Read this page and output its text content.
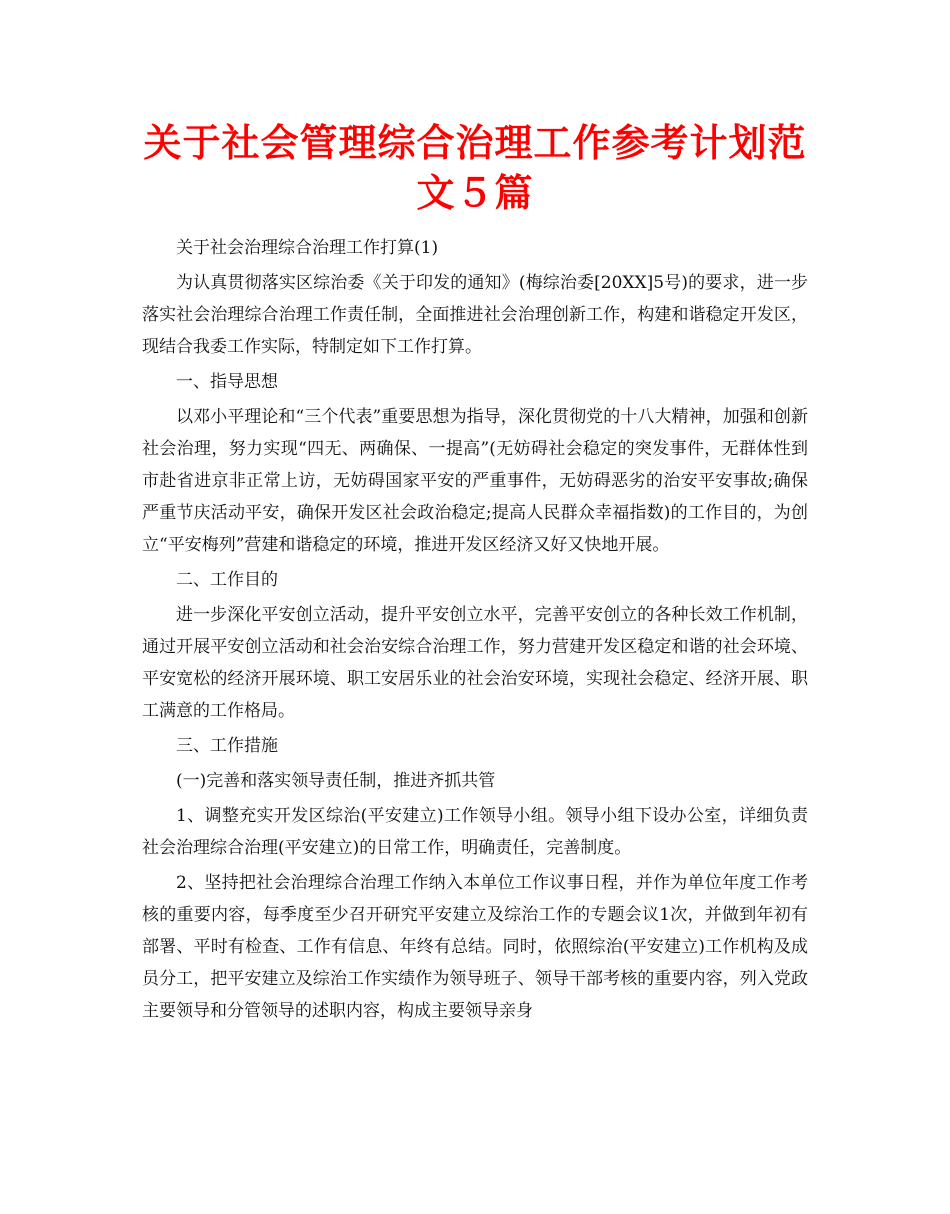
关于社会管理综合治理工作参考计划范文５篇

关于社会治理综合治理工作打算(1)

为认真贯彻落实区综治委《关于印发的通知》(梅综治委[20XX]5号)的要求，进一步落实社会治理综合治理工作责任制，全面推进社会治理创新工作，构建和谐稳定开发区，现结合我委工作实际，特制定如下工作打算。

一、指导思想

以邓小平理论和“三个代表”重要思想为指导，深化贯彻党的十八大精神，加强和创新社会治理，努力实现“四无、两确保、一提高”(无妨碍社会稳定的突发事件，无群体性到市赴省进京非正常上访，无妨碍国家平安的严重事件，无妨碍恶劣的治安平安事故;确保严重节庆活动平安，确保开发区社会政治稳定;提高人民群众幸福指数)的工作目的，为创立“平安梅列”营建和谐稳定的环境，推进开发区经济又好又快地开展。

二、工作目的

进一步深化平安创立活动，提升平安创立水平，完善平安创立的各种长效工作机制，通过开展平安创立活动和社会治安综合治理工作，努力营建开发区稳定和谐的社会环境、平安宽松的经济开展环境、职工安居乐业的社会治安环境，实现社会稳定、经济开展、职工满意的工作格局。

三、工作措施

(一)完善和落实领导责任制，推进齐抓共管

1、调整充实开发区综治(平安建立)工作领导小组。领导小组下设办公室，详细负责社会治理综合治理(平安建立)的日常工作，明确责任，完善制度。

2、坚持把社会治理综合治理工作纳入本单位工作议事日程，并作为单位年度工作考核的重要内容，每季度至少召开研究平安建立及综治工作的专题会议1次，并做到年初有部署、平时有检查、工作有信息、年终有总结。同时，依照综治(平安建立)工作机构及成员分工，把平安建立及综治工作实绩作为领导班子、领导干部考核的重要内容，列入党政主要领导和分管领导的述职内容，构成主要领导亲身
